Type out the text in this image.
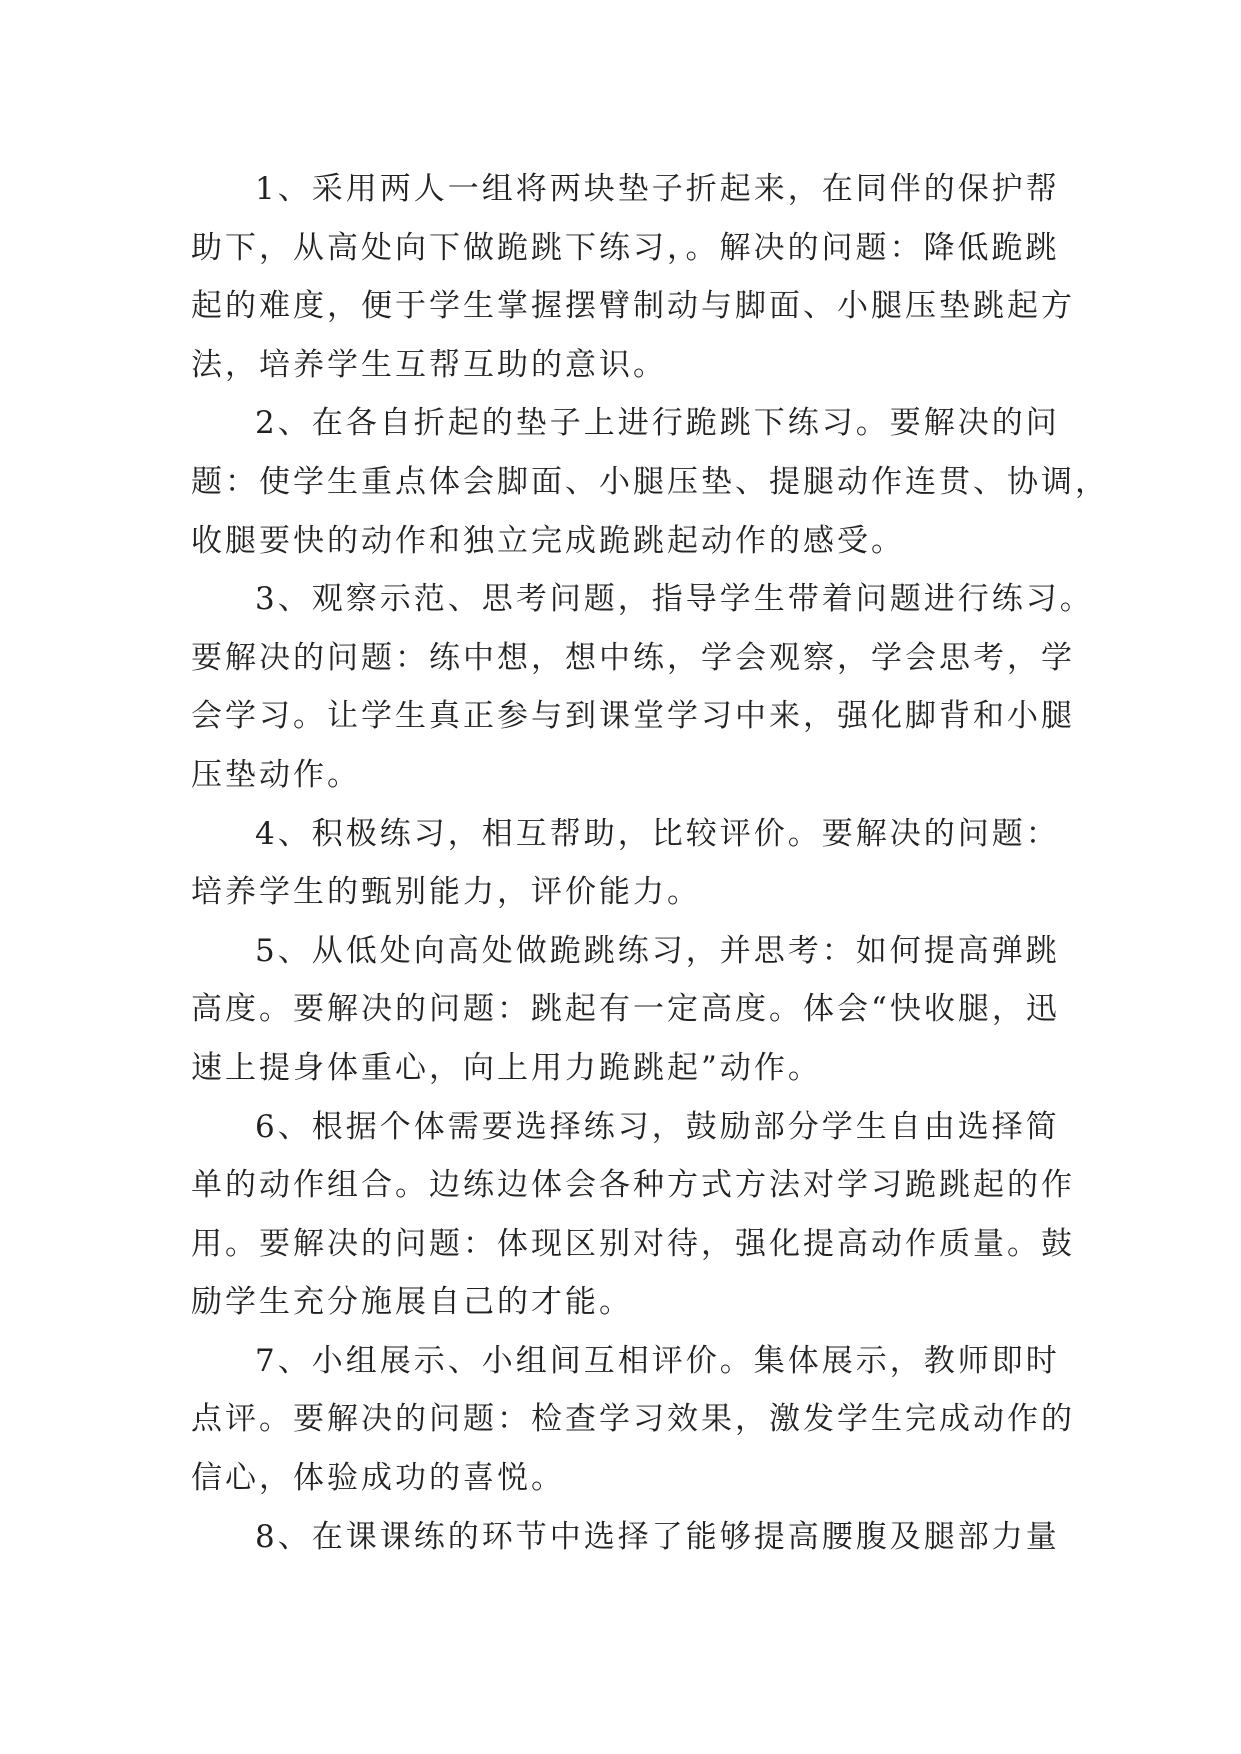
1、采用两人一组将两块垫子折起来，在同伴的保护帮
助下，从高处向下做跪跳下练习，。解决的问题：降低跪跳
起的难度，便于学生掌握摆臂制动与脚面、小腿压垫跳起方
法，培养学生互帮互助的意识。

2、在各自折起的垫子上进行跪跳下练习。要解决的问
题：使学生重点体会脚面、小腿压垫、提腿动作连贯、协调，
收腿要快的动作和独立完成跪跳起动作的感受。

3、观察示范、思考问题，指导学生带着问题进行练习。
要解决的问题：练中想，想中练，学会观察，学会思考，学
会学习。让学生真正参与到课堂学习中来，强化脚背和小腿
压垫动作。

4、积极练习，相互帮助，比较评价。要解决的问题：
培养学生的甄别能力，评价能力。

5、从低处向高处做跪跳练习，并思考：如何提高弹跳
高度。要解决的问题：跳起有一定高度。体会“快收腿，迅
速上提身体重心，向上用力跪跳起”动作。

6、根据个体需要选择练习，鼓励部分学生自由选择简
单的动作组合。边练边体会各种方式方法对学习跪跳起的作
用。要解决的问题：体现区别对待，强化提高动作质量。鼓
励学生充分施展自己的才能。

7、小组展示、小组间互相评价。集体展示，教师即时
点评。要解决的问题：检查学习效果，激发学生完成动作的
信心，体验成功的喜悦。

8、在课课练的环节中选择了能够提高腰腹及腿部力量
